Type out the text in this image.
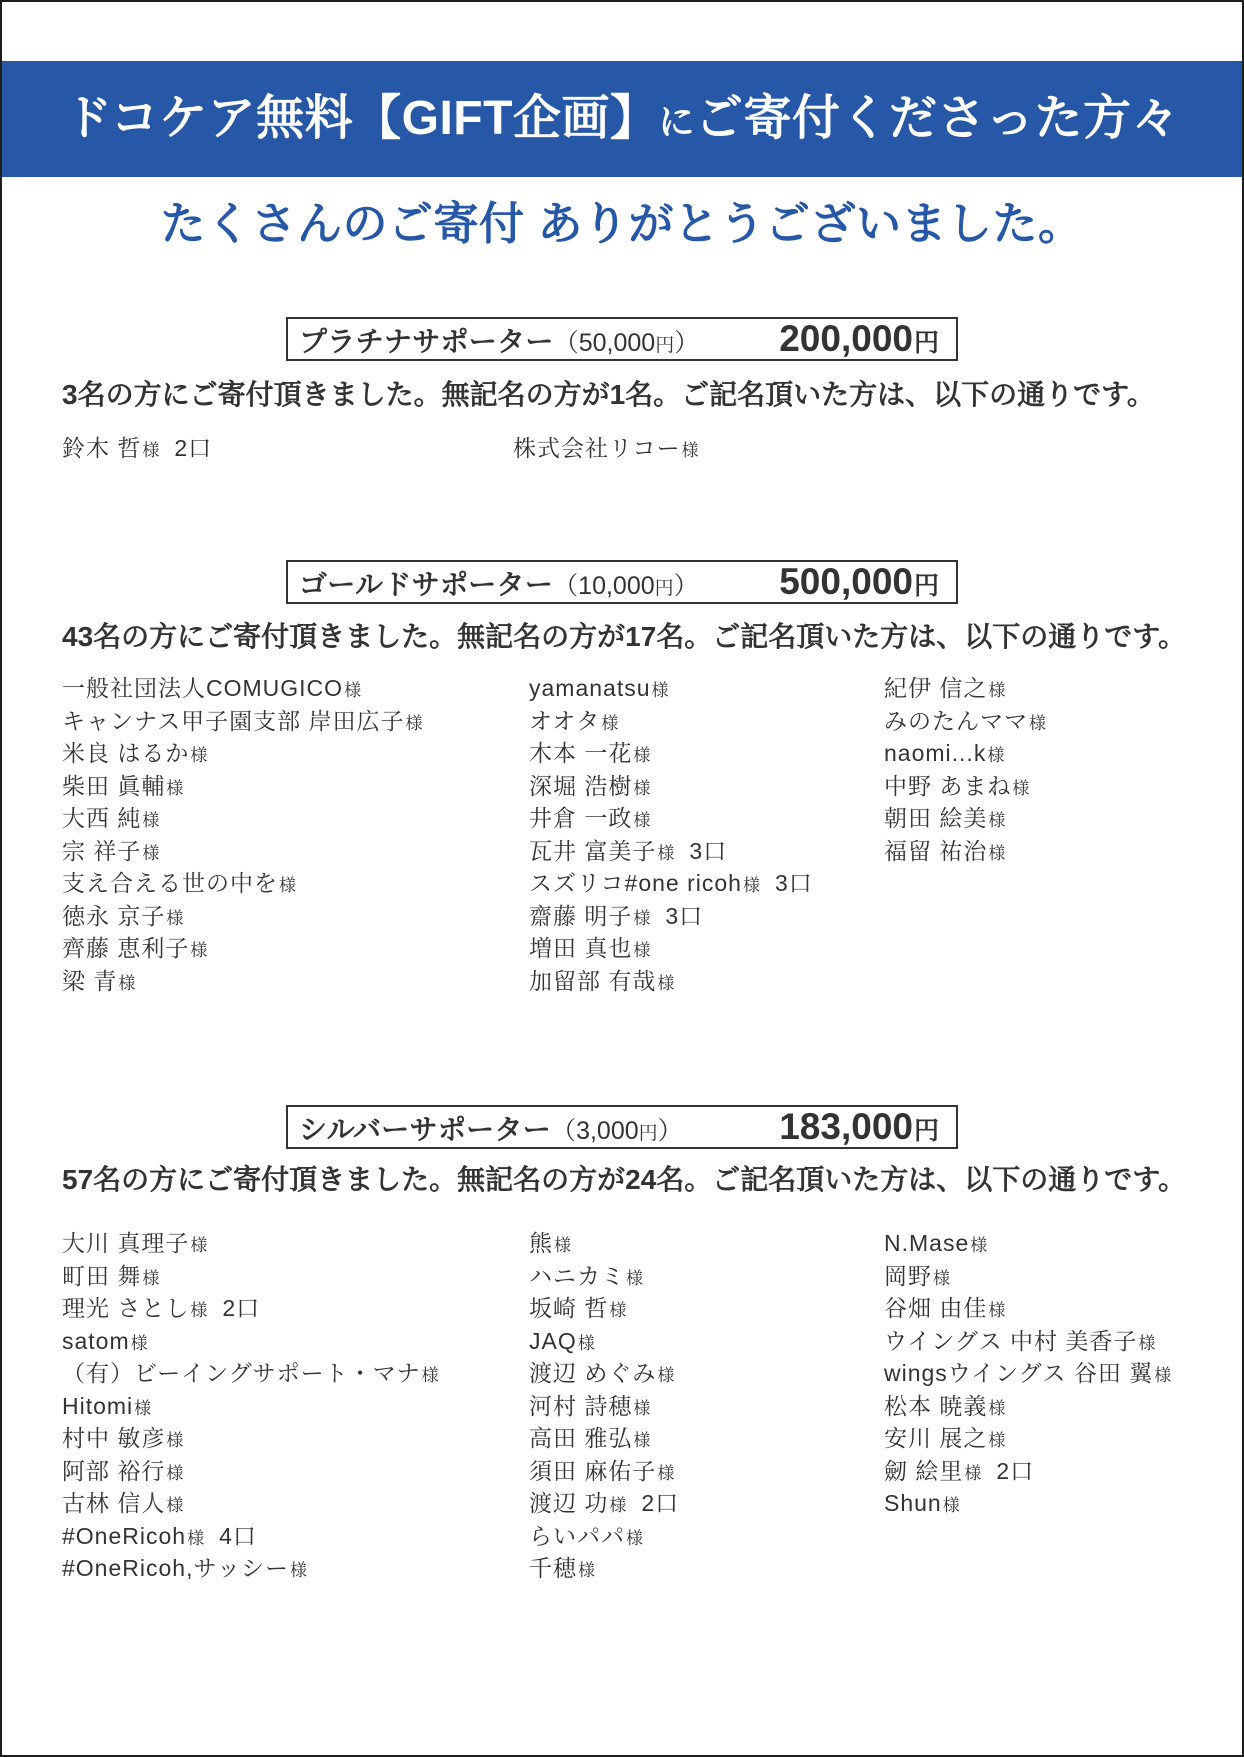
ドコケア無料【GIFT企画】にご寄付くださった方々
たくさんのご寄付 ありがとうございました。
プラチナサポーター（50,000円） 200,000円

3名の方にご寄付頂きました。無記名の方が1名。ご記名頂いた方は、以下の通りです。

鈴木 哲様 2口	株式会社リコー様
ゴールドサポーター（10,000円） 500,000円

43名の方にご寄付頂きました。無記名の方が17名。ご記名頂いた方は、以下の通りです。

一般社団法人COMUGICO様
キャンナス甲子園支部 岸田広子様
米良 はるか様
柴田 眞輔様
大西 純様
宗 祥子様
支え合える世の中を様
徳永 京子様
齊藤 恵利子様
梁 青様
yamanatsu様
オオタ様
木本 一花様
深堀 浩樹様
井倉 一政様
瓦井 富美子様 3口
スズリコ#one ricoh様 3口
齋藤 明子様 3口
増田 真也様
加留部 有哉様
紀伊 信之様
みのたんママ様
naomi...k様
中野 あまね様
朝田 絵美様
福留 祐治様
シルバーサポーター（3,000円）	183,000円

57名の方にご寄付頂きました。無記名の方が24名。ご記名頂いた方は、以下の通りです。

大川 真理子様
町田 舞様
理光 さとし様 2口
satom様
（有）ビーイングサポート・マナ様
Hitomi様
村中 敏彦様
阿部 裕行様
古林 信人様
#OneRicoh様 4口
#OneRicoh,サッシー様
熊様
ハニカミ様
坂崎 哲様
JAQ様
渡辺 めぐみ様
河村 詩穂様
高田 雅弘様
須田 麻佑子様
渡辺 功様 2口
らいパパ様
千穂様
N.Mase様
岡野様
谷畑 由佳様
ウイングス 中村 美香子様
wingsウイングス 谷田 翼様
松本 暁義様
安川 展之様
劒 絵里様 2口
Shun様
